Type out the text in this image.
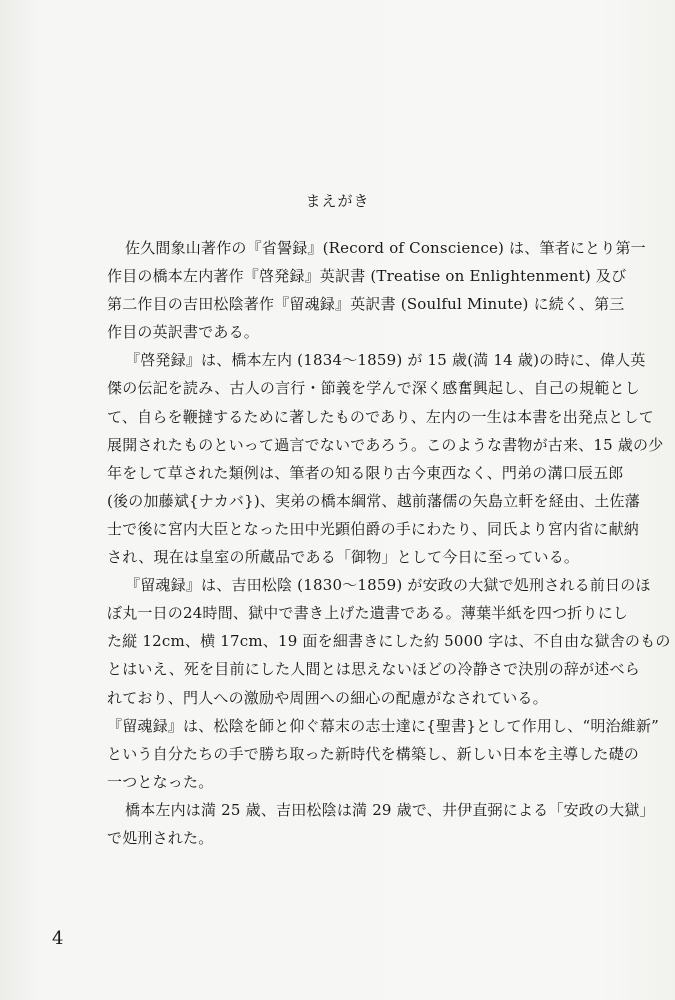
まえがき
佐久間象山著作の『省諐録』(Record of Conscience) は、筆者にとり第一
作目の橋本左内著作『啓発録』英訳書 (Treatise on Enlightenment) 及び
第二作目の吉田松陰著作『留魂録』英訳書 (Soulful Minute) に続く、第三
作目の英訳書である。
『啓発録』は、橋本左内 (1834〜1859) が 15 歳(満 14 歳)の時に、偉人英
傑の伝記を読み、古人の言行・節義を学んで深く感奮興起し、自己の規範とし
て、自らを鞭撻するために著したものであり、左内の一生は本書を出発点として
展開されたものといって過言でないであろう。このような書物が古来、15 歳の少
年をして草された類例は、筆者の知る限り古今東西なく、門弟の溝口辰五郎
(後の加藤斌{ナカバ})、実弟の橋本綱常、越前藩儒の矢島立軒を経由、土佐藩
士で後に宮内大臣となった田中光顕伯爵の手にわたり、同氏より宮内省に献納
され、現在は皇室の所蔵品である「御物」として今日に至っている。
『留魂録』は、吉田松陰 (1830〜1859) が安政の大獄で処刑される前日のほ
ぼ丸一日の24時間、獄中で書き上げた遺書である。薄葉半紙を四つ折りにし
た縦 12cm、横 17cm、19 面を細書きにした約 5000 字は、不自由な獄舎のもの
とはいえ、死を目前にした人間とは思えないほどの冷静さで決別の辞が述べら
れており、門人への激励や周囲への細心の配慮がなされている。
『留魂録』は、松陰を師と仰ぐ幕末の志士達に{聖書}として作用し、“明治維新”
という自分たちの手で勝ち取った新時代を構築し、新しい日本を主導した礎の
一つとなった。
橋本左内は満 25 歳、吉田松陰は満 29 歳で、井伊直弼による「安政の大獄」
で処刑された。
4
